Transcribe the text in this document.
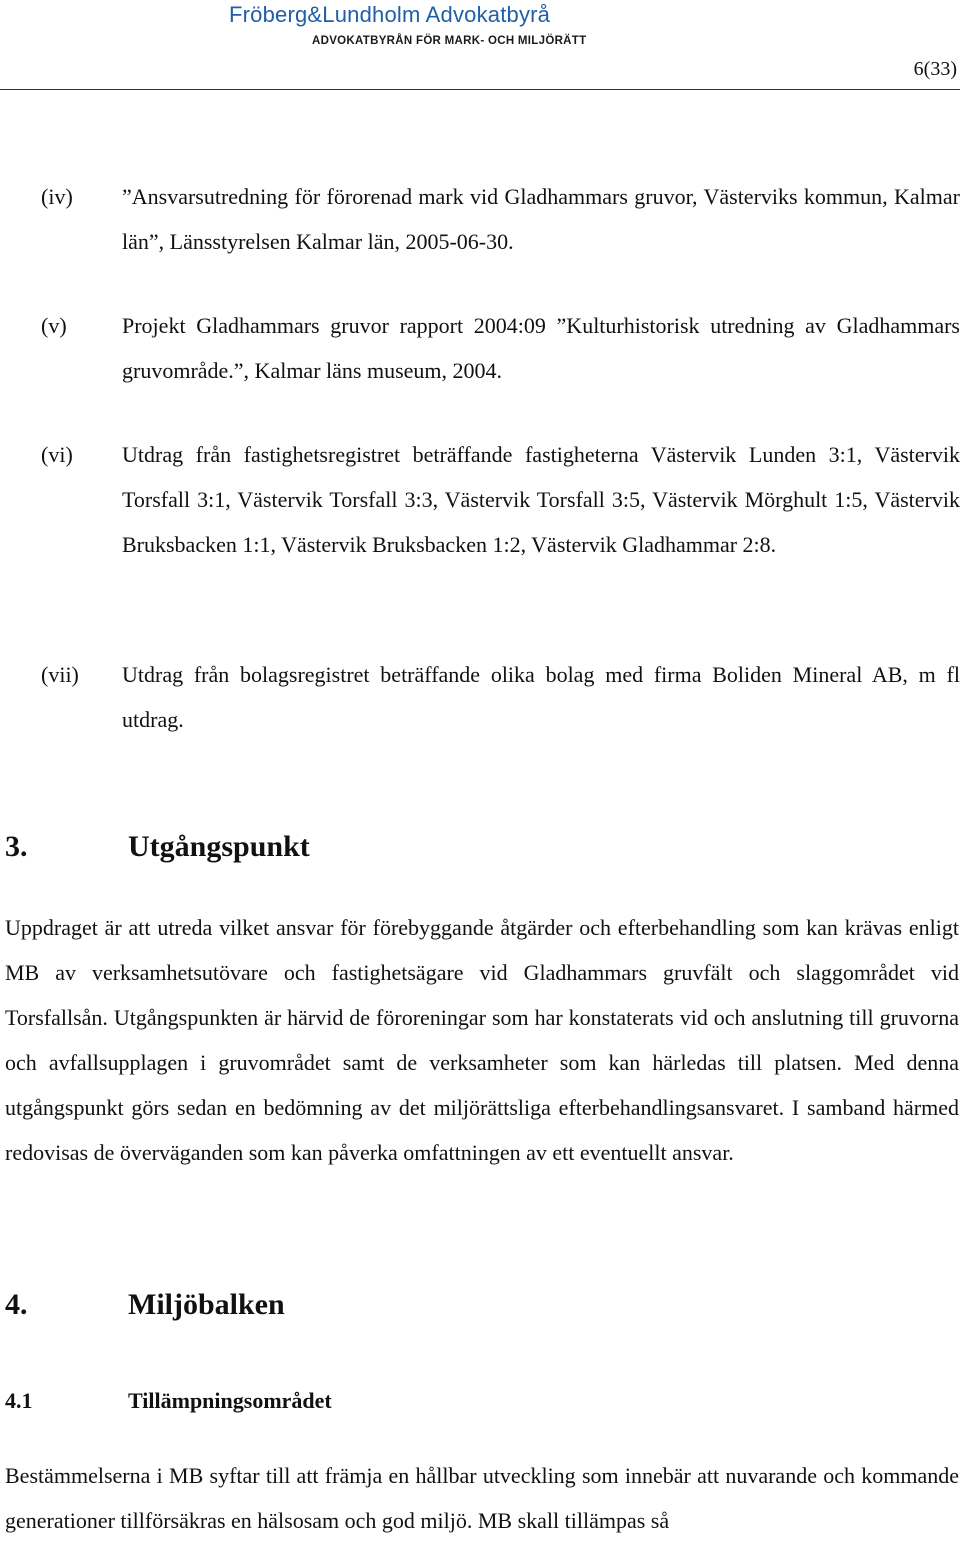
Fröberg&Lundholm Advokatbyrå
ADVOKATBYRÅN FÖR MARK- OCH MILJÖRÄTT
6(33)
(iv) ”Ansvarsutredning för förorenad mark vid Gladhammars gruvor, Västerviks kommun, Kalmar län”, Länsstyrelsen Kalmar län, 2005-06-30.
(v)	Projekt Gladhammars gruvor rapport 2004:09 ”Kulturhistorisk utredning av Gladhammars gruvområde.”, Kalmar läns museum, 2004.
(vi) Utdrag från fastighetsregistret beträffande fastigheterna Västervik Lunden 3:1, Västervik Torsfall 3:1, Västervik Torsfall 3:3, Västervik Torsfall 3:5, Västervik Mörghult 1:5, Västervik Bruksbacken 1:1, Västervik Bruksbacken 1:2, Västervik Gladhammar 2:8.
(vii) Utdrag från bolagsregistret beträffande olika bolag med firma Boliden Mineral AB, m fl utdrag.
3.	Utgångspunkt
Uppdraget är att utreda vilket ansvar för förebyggande åtgärder och efterbehandling som kan krävas enligt MB av verksamhetsutövare och fastighetsägare vid Gladhammars gruvfält och slaggområdet vid Torsfallsån. Utgångspunkten är härvid de föroreningar som har konstaterats vid och anslutning till gruvorna och avfallsupplagen i gruvområdet samt de verksamheter som kan härledas till platsen. Med denna utgångspunkt görs sedan en bedömning av det miljörättsliga efterbehandlingsansvaret. I samband härmed redovisas de överväganden som kan påverka omfattningen av ett eventuellt ansvar.
4.	Miljöbalken
4.1	Tillämpningsområdet
Bestämmelserna i MB syftar till att främja en hållbar utveckling som innebär att nuvarande och kommande generationer tillförsäkras en hälsosam och god miljö. MB skall tillämpas så
